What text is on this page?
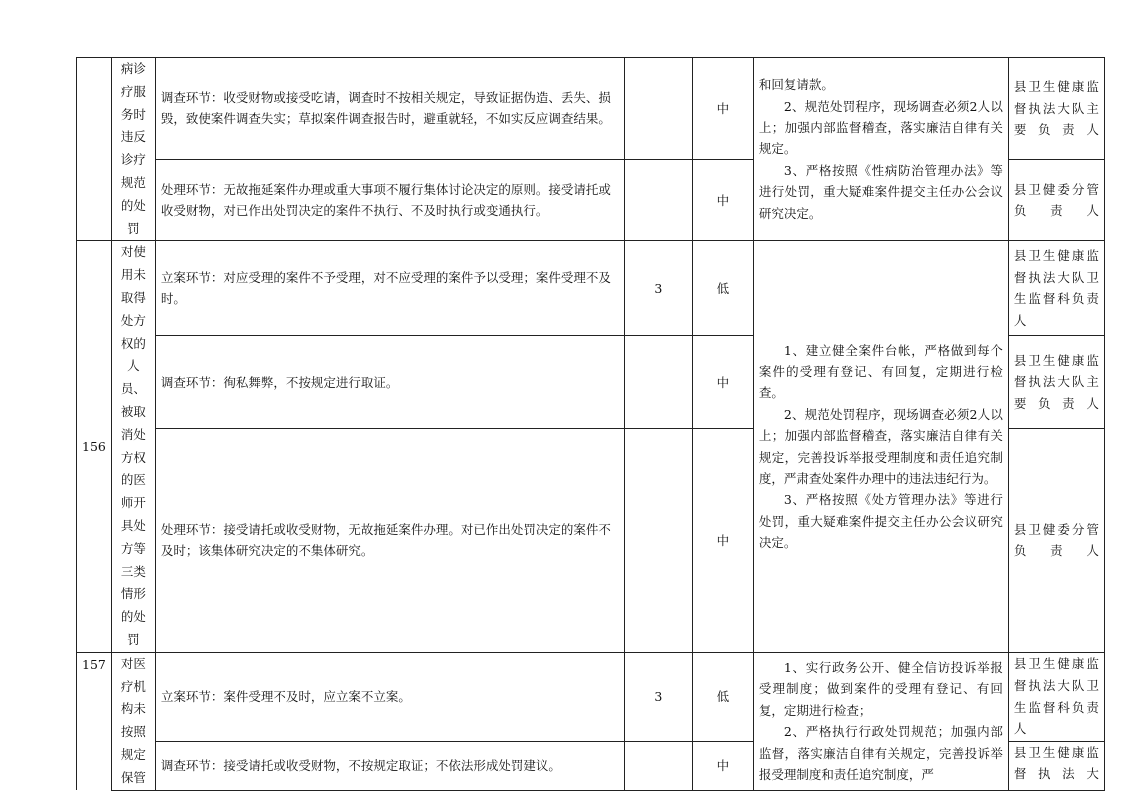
	病诊疗服务时违反诊疗规范的处罚	调查环节：收受财物或接受吃请，调查时不按相关规定，导致证据伪造、丢失、损毁，致使案件调查失实；草拟案件调查报告时，避重就轻，不如实反应调查结果。		中	和回复请款。
2、规范处罚程序，现场调查必须2人以上；加强内部监督稽查，落实廉洁自律有关规定。
3、严格按照《性病防治管理办法》等进行处罚，重大疑难案件提交主任办公会议研究决定。	县卫生健康监督执法大队主要负责人
		处理环节：无故拖延案件办理或重大事项不履行集体讨论决定的原则。接受请托或收受财物，对已作出处罚决定的案件不执行、不及时执行或变通执行。		中		县卫健委分管负责人
156	对使用未取得处方权的人员、被取消处方权的医师开具处方等三类情形的处罚	立案环节：对应受理的案件不予受理，对不应受理的案件予以受理；案件受理不及时。	3	低	1、建立健全案件台帐，严格做到每个案件的受理有登记、有回复，定期进行检查。
2、规范处罚程序，现场调查必须2人以上；加强内部监督稽查，落实廉洁自律有关规定，完善投诉举报受理制度和责任追究制度，严肃查处案件办理中的违法违纪行为。
3、严格按照《处方管理办法》等进行处罚，重大疑难案件提交主任办公会议研究决定。	县卫生健康监督执法大队卫生监督科负责人
		调查环节：徇私舞弊，不按规定进行取证。		中		县卫生健康监督执法大队主要负责人
		处理环节：接受请托或收受财物，无故拖延案件办理。对已作出处罚决定的案件不及时；该集体研究决定的不集体研究。		中		县卫健委分管负责人
157	对医疗机构未按照规定保管	立案环节：案件受理不及时，应立案不立案。	3	低	1、实行政务公开、健全信访投诉举报受理制度；做到案件的受理有登记、有回复，定期进行检查；
2、严格执行行政处罚规范；加强内部监督，落实廉洁自律有关规定，完善投诉举报受理制度和责任追究制度，严	县卫生健康监督执法大队卫生监督科负责人
		调查环节：接受请托或收受财物，不按规定取证；不依法形成处罚建议。		中		县卫生健康监督执法大
